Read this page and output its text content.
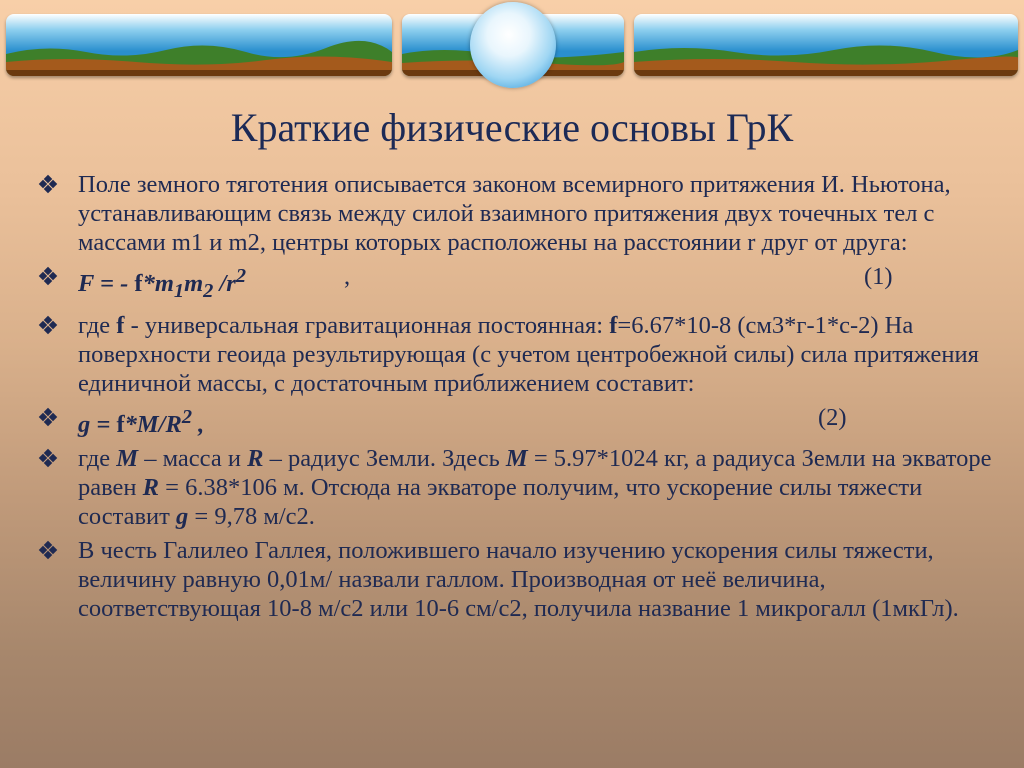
Краткие физические основы ГрК
Поле земного тяготения описывается законом всемирного притяжения И. Ньютона, устанавливающим связь между силой взаимного притяжения двух точечных тел с массами m1 и m2, центры которых расположены на расстоянии r друг от друга:
F = - $f*m_1m_2$ $/r^2$	,	(1)
где f - универсальная гравитационная постоянная: f=6.67*10-8 (см3*г-1*с-2) На поверхности геоида результирующая (с учетом центробежной силы) сила притяжения единичной массы, с достаточным приближением составит:
$g = f*M/R^2$ ,	(2)
где M – масса и R – радиус Земли. Здесь M = 5.97*1024 кг, а радиуса Земли на экваторе равен R = 6.38*106 м. Отсюда на экваторе получим, что ускорение силы тяжести составит g = 9,78 м/с2.
В честь Галилео Галлея, положившего начало изучению ускорения силы тяжести, величину равную 0,01м/ назвали галлом. Производная от неё величина, соответствующая 10-8 м/с2 или 10-6 см/с2, получила название 1 микрогалл (1мкГл).
